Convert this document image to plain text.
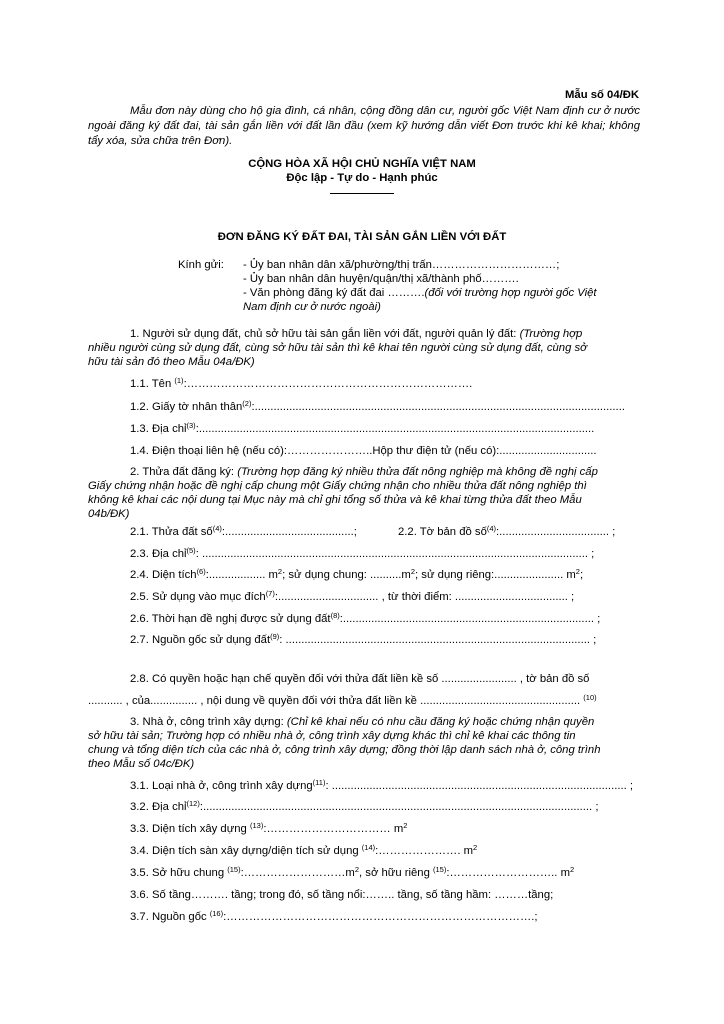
Mẫu số 04/ĐK
Mẫu đơn này dùng cho hộ gia đình, cá nhân, cộng đồng dân cư, người gốc Việt Nam định cư ở nước ngoài đăng ký đất đai, tài sản gắn liền với đất lần đầu (xem kỹ hướng dẫn viết Đơn trước khi kê khai; không tẩy xóa, sửa chữa trên Đơn).
CỘNG HÒA XÃ HỘI CHỦ NGHĨA VIỆT NAM
Độc lập - Tự do - Hạnh phúc
ĐƠN ĐĂNG KÝ ĐẤT ĐAI, TÀI SẢN GẮN LIỀN VỚI ĐẤT
Kính gửi: - Ủy ban nhân dân xã/phường/thị trấn……………………………;
- Ủy ban nhân dân huyện/quận/thị xã/thành phố……….
- Văn phòng đăng ký đất đai ……….(đối với trường hợp người gốc Việt
Nam định cư ở nước ngoài)
1. Người sử dụng đất, chủ sở hữu tài sản gắn liền với đất, người quản lý đất: (Trường hợp
nhiều người cùng sử dụng đất, cùng sở hữu tài sản thì kê khai tên người cùng sử dụng đất, cùng sở
hữu tài sản đó theo Mẫu 04a/ĐK)
1.1. Tên $^{(1)}$:………………………………………………………………….
1.2. Giấy tờ nhân thân$^{(2)}$:......................................................................................................................
1.3. Địa chỉ$^{(3)}$:..............................................................................................................................
1.4. Điện thoại liên hệ (nếu có):…………………..Hộp thư điện tử (nếu có):...............................
2. Thửa đất đăng ký: (Trường hợp đăng ký nhiều thửa đất nông nghiệp mà không đề nghị cấp
Giấy chứng nhận hoặc đề nghị cấp chung một Giấy chứng nhận cho nhiều thửa đất nông nghiệp thì
không kê khai các nội dung tại Mục này mà chỉ ghi tổng số thửa và kê khai từng thửa đất theo Mẫu
04b/ĐK)
2.1. Thửa đất số$^{(4)}$:.........................................;	2.2. Tờ bản đồ số$^{(4)}$:................................... ;
2.3. Địa chỉ$^{(5)}$: ........................................................................................................................... ;
2.4. Diện tích$^{(6)}$:.................. $m^2$; sử dụng chung: $..........m^2$; sử dụng riêng:...................... $m^2$;
2.5. Sử dụng vào mục đích$^{(7)}$:................................ , từ thời điểm: .................................... ;
2.6. Thời hạn đề nghị được sử dụng đất$^{(8)}$:................................................................................ ;
2.7. Nguồn gốc sử dụng đất$^{(9)}$: ................................................................................................. ;
2.8. Có quyền hoặc hạn chế quyền đối với thửa đất liền kề số ........................ , tờ bản đồ số
........... , của............... , nội dung về quyền đối với thửa đất liền kề ................................................... $^{(10)}$
3. Nhà ở, công trình xây dựng: (Chỉ kê khai nếu có nhu cầu đăng ký hoặc chứng nhận quyền
sở hữu tài sản; Trường hợp có nhiều nhà ở, công trình xây dựng khác thì chỉ kê khai các thông tin
chung và tổng diện tích của các nhà ở, công trình xây dựng; đồng thời lập danh sách nhà ở, công trình
theo Mẫu số 04c/ĐK)
3.1. Loại nhà ở, công trình xây dựng$^{(11)}$: .............................................................................................. ;
3.2. Địa chỉ$^{(12)}$:............................................................................................................................ ;
3.3. Diện tích xây dựng $^{(13)}$:…………………………… $m^2$
3.4. Diện tích sàn xây dựng/diện tích sử dụng $^{(14)}$:…………………. $m^2$
3.5. Sở hữu chung $^{(15)}:\dots\dots\dots\dots\dots\dots\dots\dots\dots m^2$, sở hữu riêng $^{(15)}$:……………………….. $m^2$
3.6. Số tầng………. tầng; trong đó, số tầng nổi:…….. tầng, số tầng hầm: ………tầng;
3.7. Nguồn gốc $^{(16)}$:……………………………………………………………………….;
